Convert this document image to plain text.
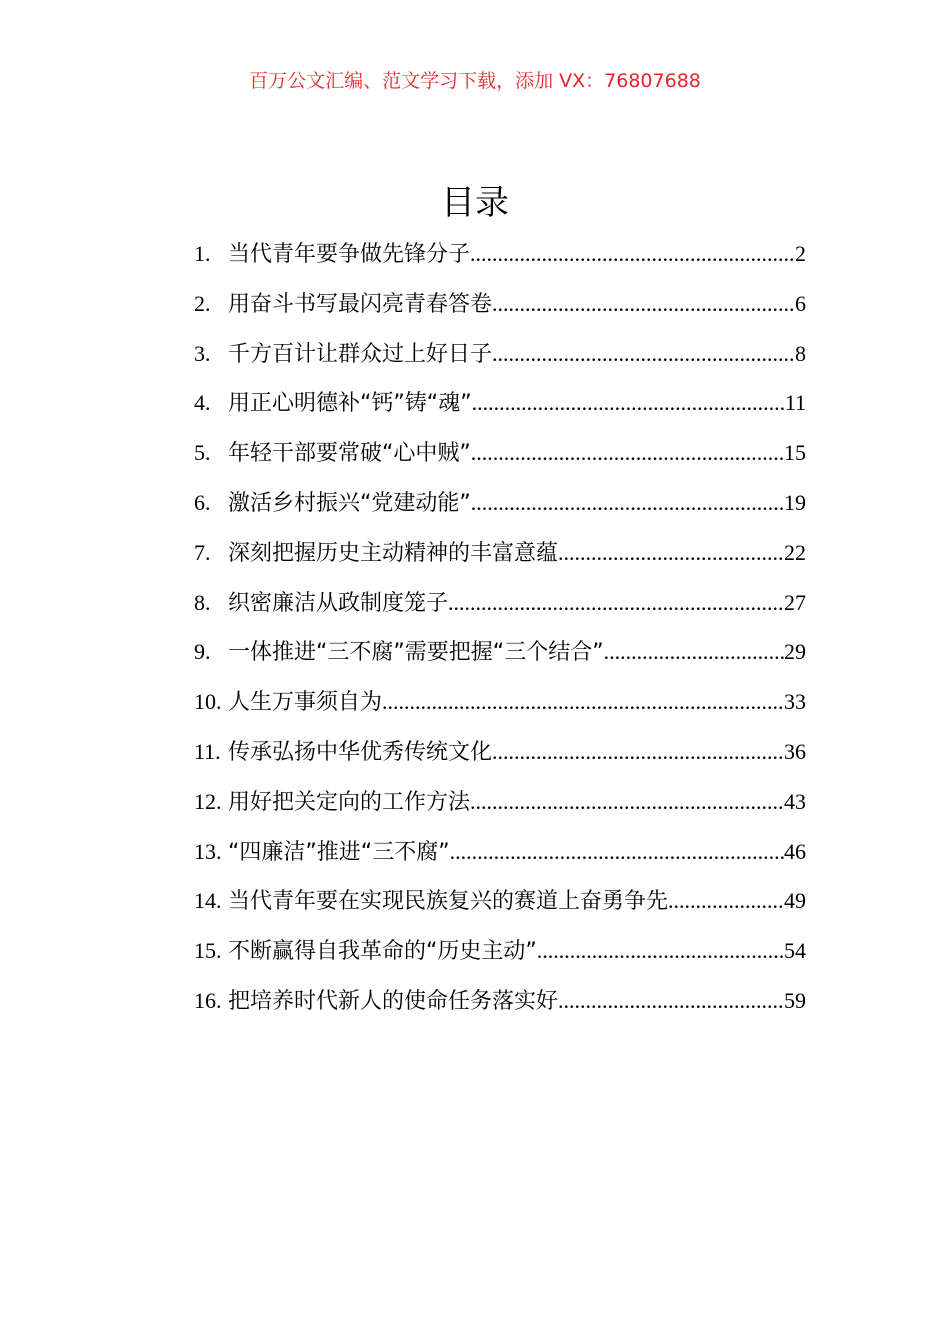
百万公文汇编、范文学习下载，添加 VX：76807688
目录
1. 当代青年要争做先锋分子 .....	2
2. 用奋斗书写最闪亮青春答卷 .....	6
3. 千方百计让群众过上好日子 .....	8
4. 用正心明德补“钙”铸“魂” .....	11
5. 年轻干部要常破“心中贼” .....	15
6. 激活乡村振兴“党建动能” .....	19
7. 深刻把握历史主动精神的丰富意蕴 .....	22
8. 织密廉洁从政制度笼子 .....	27
9. 一体推进“三不腐”需要把握“三个结合” .....	29
10. 人生万事须自为 .....	33
11. 传承弘扬中华优秀传统文化 .....	36
12. 用好把关定向的工作方法 .....	43
13. “四廉洁”推进“三不腐” .....	46
14. 当代青年要在实现民族复兴的赛道上奋勇争先 .....	49
15. 不断赢得自我革命的“历史主动” .....	54
16. 把培养时代新人的使命任务落实好 .....	59
